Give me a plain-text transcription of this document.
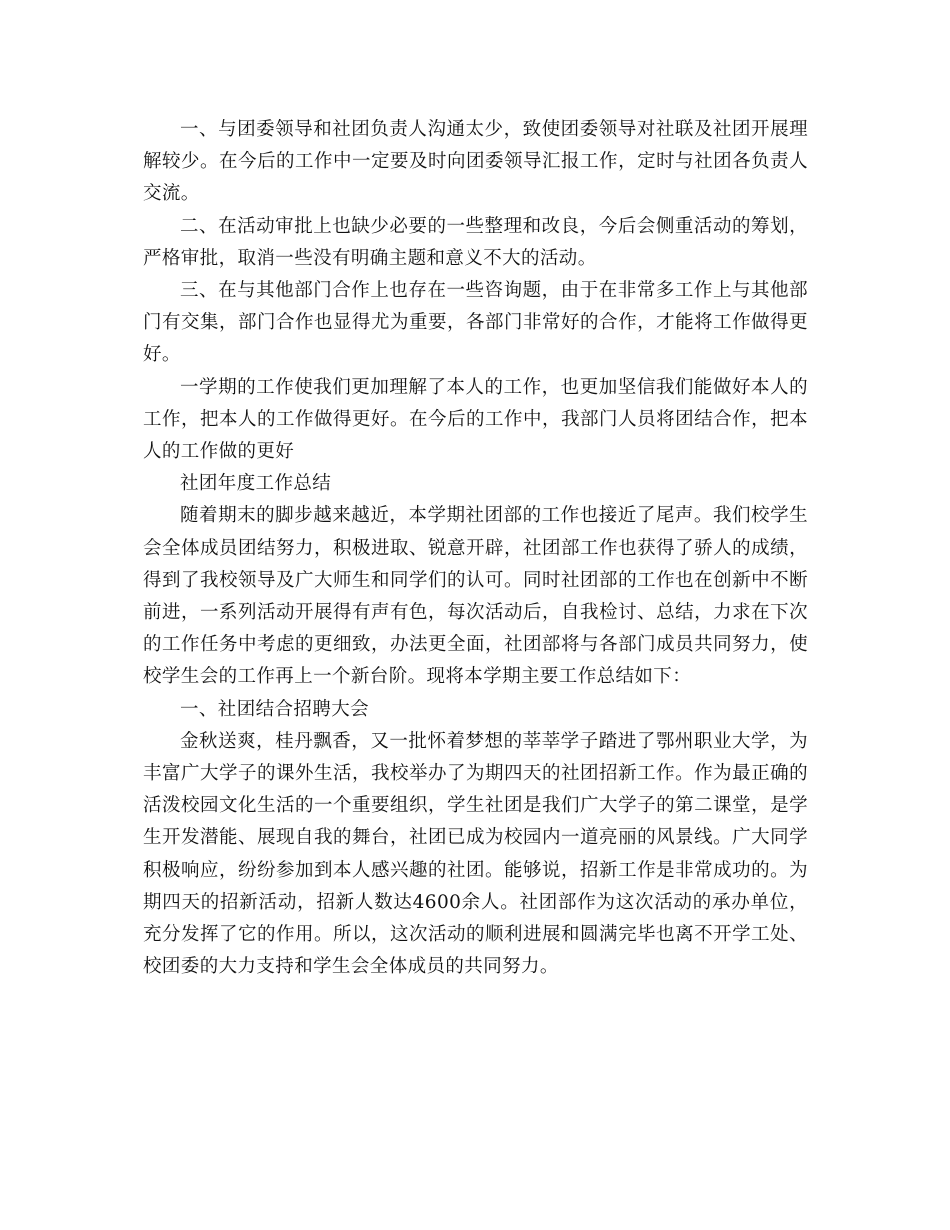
一、与团委领导和社团负责人沟通太少，致使团委领导对社联及社团开展理解较少。在今后的工作中一定要及时向团委领导汇报工作，定时与社团各负责人交流。

二、在活动审批上也缺少必要的一些整理和改良，今后会侧重活动的筹划，严格审批，取消一些没有明确主题和意义不大的活动。

三、在与其他部门合作上也存在一些咨询题，由于在非常多工作上与其他部门有交集，部门合作也显得尤为重要，各部门非常好的合作，才能将工作做得更好。

一学期的工作使我们更加理解了本人的工作，也更加坚信我们能做好本人的工作，把本人的工作做得更好。在今后的工作中，我部门人员将团结合作，把本人的工作做的更好

社团年度工作总结

随着期末的脚步越来越近，本学期社团部的工作也接近了尾声。我们校学生会全体成员团结努力，积极进取、锐意开辟，社团部工作也获得了骄人的成绩，得到了我校领导及广大师生和同学们的认可。同时社团部的工作也在创新中不断前进，一系列活动开展得有声有色，每次活动后，自我检讨、总结，力求在下次的工作任务中考虑的更细致，办法更全面，社团部将与各部门成员共同努力，使校学生会的工作再上一个新台阶。现将本学期主要工作总结如下：

一、社团结合招聘大会

金秋送爽，桂丹飘香，又一批怀着梦想的莘莘学子踏进了鄂州职业大学，为丰富广大学子的课外生活，我校举办了为期四天的社团招新工作。作为最正确的活泼校园文化生活的一个重要组织，学生社团是我们广大学子的第二课堂，是学生开发潜能、展现自我的舞台，社团已成为校园内一道亮丽的风景线。广大同学积极响应，纷纷参加到本人感兴趣的社团。能够说，招新工作是非常成功的。为期四天的招新活动，招新人数达4600余人。社团部作为这次活动的承办单位，充分发挥了它的作用。所以，这次活动的顺利进展和圆满完毕也离不开学工处、校团委的大力支持和学生会全体成员的共同努力。
